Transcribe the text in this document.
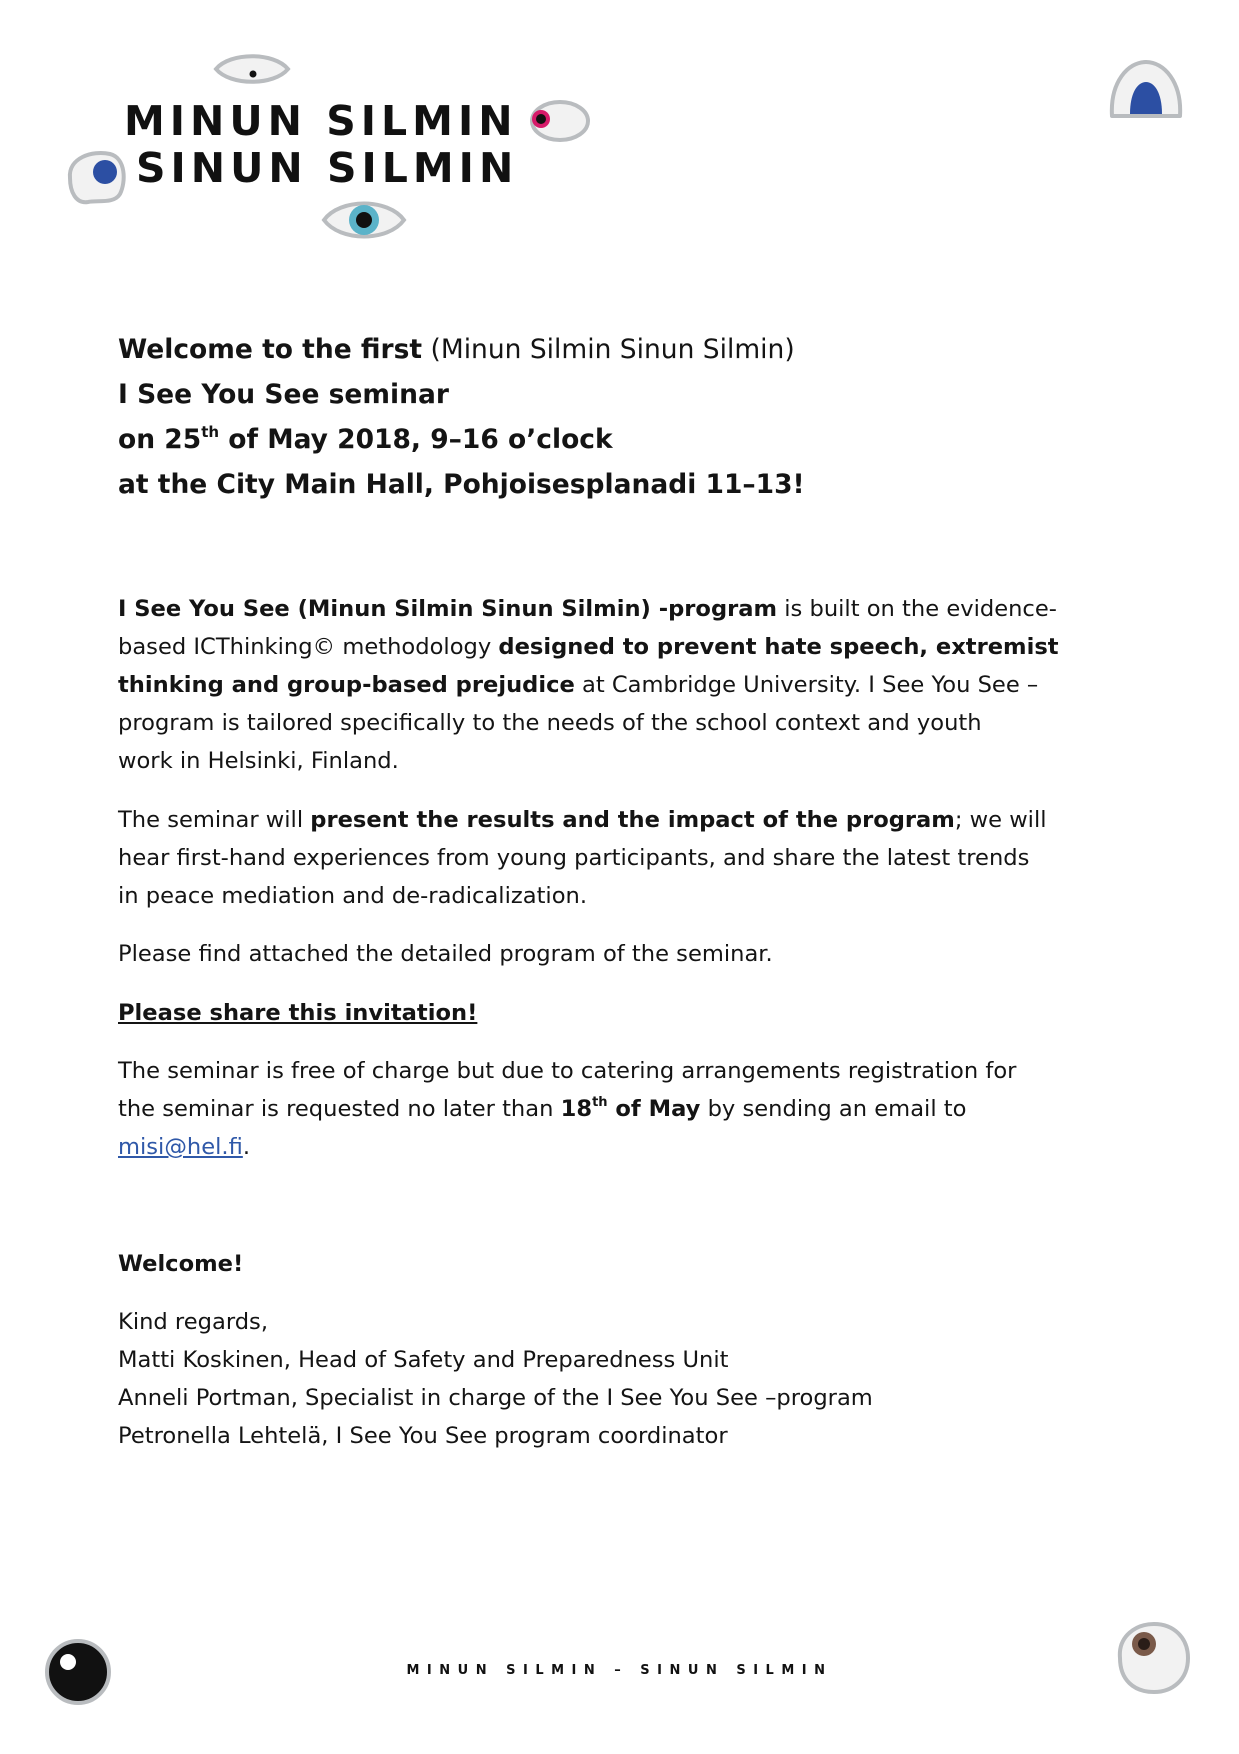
MINUN SILMIN
SINUN SILMIN
Welcome to the first (Minun Silmin Sinun Silmin)
I See You See seminar
on 25th of May 2018, 9–16 o’clock
at the City Main Hall, Pohjoisesplanadi 11–13!

I See You See (Minun Silmin Sinun Silmin) -program is built on the evidence-

based ICThinking© methodology designed to prevent hate speech, extremist

thinking and group-based prejudice at Cambridge University. I See You See –

program is tailored specifically to the needs of the school context and youth

work in Helsinki, Finland.

The seminar will present the results and the impact of the program; we will

hear first-hand experiences from young participants, and share the latest trends

in peace mediation and de-radicalization.

Please find attached the detailed program of the seminar.

Please share this invitation!

The seminar is free of charge but due to catering arrangements registration for

the seminar is requested no later than 18th of May by sending an email to

misi@hel.fi.

Welcome!

Kind regards,

Matti Koskinen, Head of Safety and Preparedness Unit

Anneli Portman, Specialist in charge of the I See You See –program

Petronella Lehtelä, I See You See program coordinator

MINUN SILMIN – SINUN SILMIN
